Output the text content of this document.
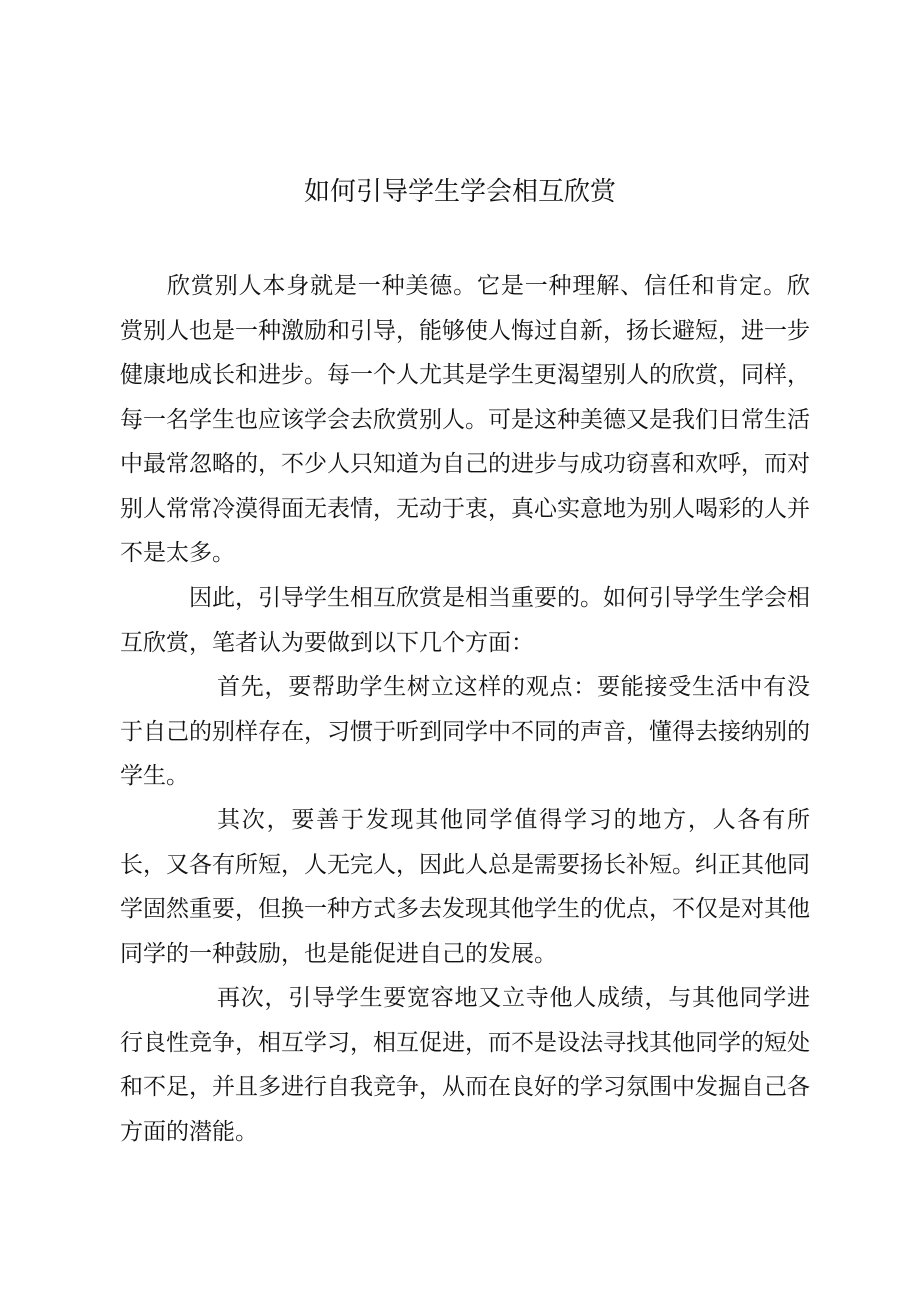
如何引导学生学会相互欣赏

欣赏别人本身就是一种美德。它是一种理解、信任和肯定。欣赏别人也是一种激励和引导，能够使人悔过自新，扬长避短，进一步健康地成长和进步。每一个人尤其是学生更渴望别人的欣赏，同样，每一名学生也应该学会去欣赏别人。可是这种美德又是我们日常生活中最常忽略的，不少人只知道为自己的进步与成功窃喜和欢呼，而对别人常常冷漠得面无表情，无动于衷，真心实意地为别人喝彩的人并不是太多。

因此，引导学生相互欣赏是相当重要的。如何引导学生学会相互欣赏，笔者认为要做到以下几个方面：

首先，要帮助学生树立这样的观点：要能接受生活中有没于自己的别样存在，习惯于听到同学中不同的声音，懂得去接纳别的学生。

其次，要善于发现其他同学值得学习的地方，人各有所长，又各有所短，人无完人，因此人总是需要扬长补短。纠正其他同学固然重要，但换一种方式多去发现其他学生的优点，不仅是对其他同学的一种鼓励，也是能促进自己的发展。

再次，引导学生要宽容地又立寺他人成绩，与其他同学进行良性竞争，相互学习，相互促进，而不是设法寻找其他同学的短处和不足，并且多进行自我竞争，从而在良好的学习氛围中发掘自己各方面的潜能。
